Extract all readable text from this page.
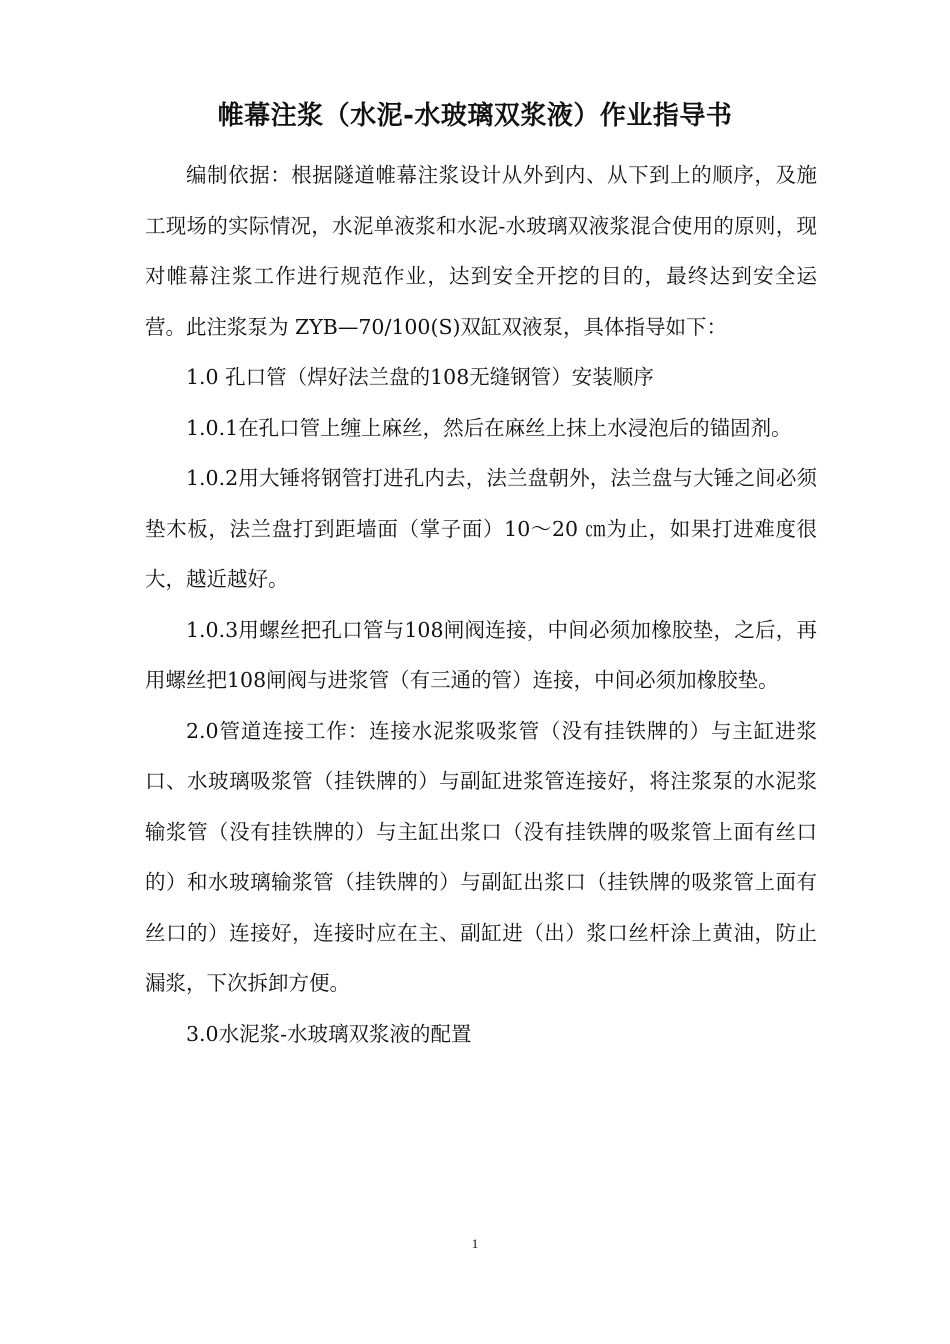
帷幕注浆（水泥-水玻璃双浆液）作业指导书

编制依据：根据隧道帷幕注浆设计从外到内、从下到上的顺序，及施工现场的实际情况，水泥单液浆和水泥-水玻璃双液浆混合使用的原则，现对帷幕注浆工作进行规范作业，达到安全开挖的目的，最终达到安全运营。此注浆泵为 ZYB—70/100(S)双缸双液泵，具体指导如下：

1.0 孔口管（焊好法兰盘的108无缝钢管）安装顺序

1.0.1在孔口管上缠上麻丝，然后在麻丝上抹上水浸泡后的锚固剂。

1.0.2用大锤将钢管打进孔内去，法兰盘朝外，法兰盘与大锤之间必须垫木板，法兰盘打到距墙面（掌子面）10～20 ㎝为止，如果打进难度很大，越近越好。

1.0.3用螺丝把孔口管与108闸阀连接，中间必须加橡胶垫，之后，再用螺丝把108闸阀与进浆管（有三通的管）连接，中间必须加橡胶垫。

2.0管道连接工作：连接水泥浆吸浆管（没有挂铁牌的）与主缸进浆口、水玻璃吸浆管（挂铁牌的）与副缸进浆管连接好，将注浆泵的水泥浆输浆管（没有挂铁牌的）与主缸出浆口（没有挂铁牌的吸浆管上面有丝口的）和水玻璃输浆管（挂铁牌的）与副缸出浆口（挂铁牌的吸浆管上面有丝口的）连接好，连接时应在主、副缸进（出）浆口丝杆涂上黄油，防止漏浆，下次拆卸方便。

3.0水泥浆-水玻璃双浆液的配置

1
